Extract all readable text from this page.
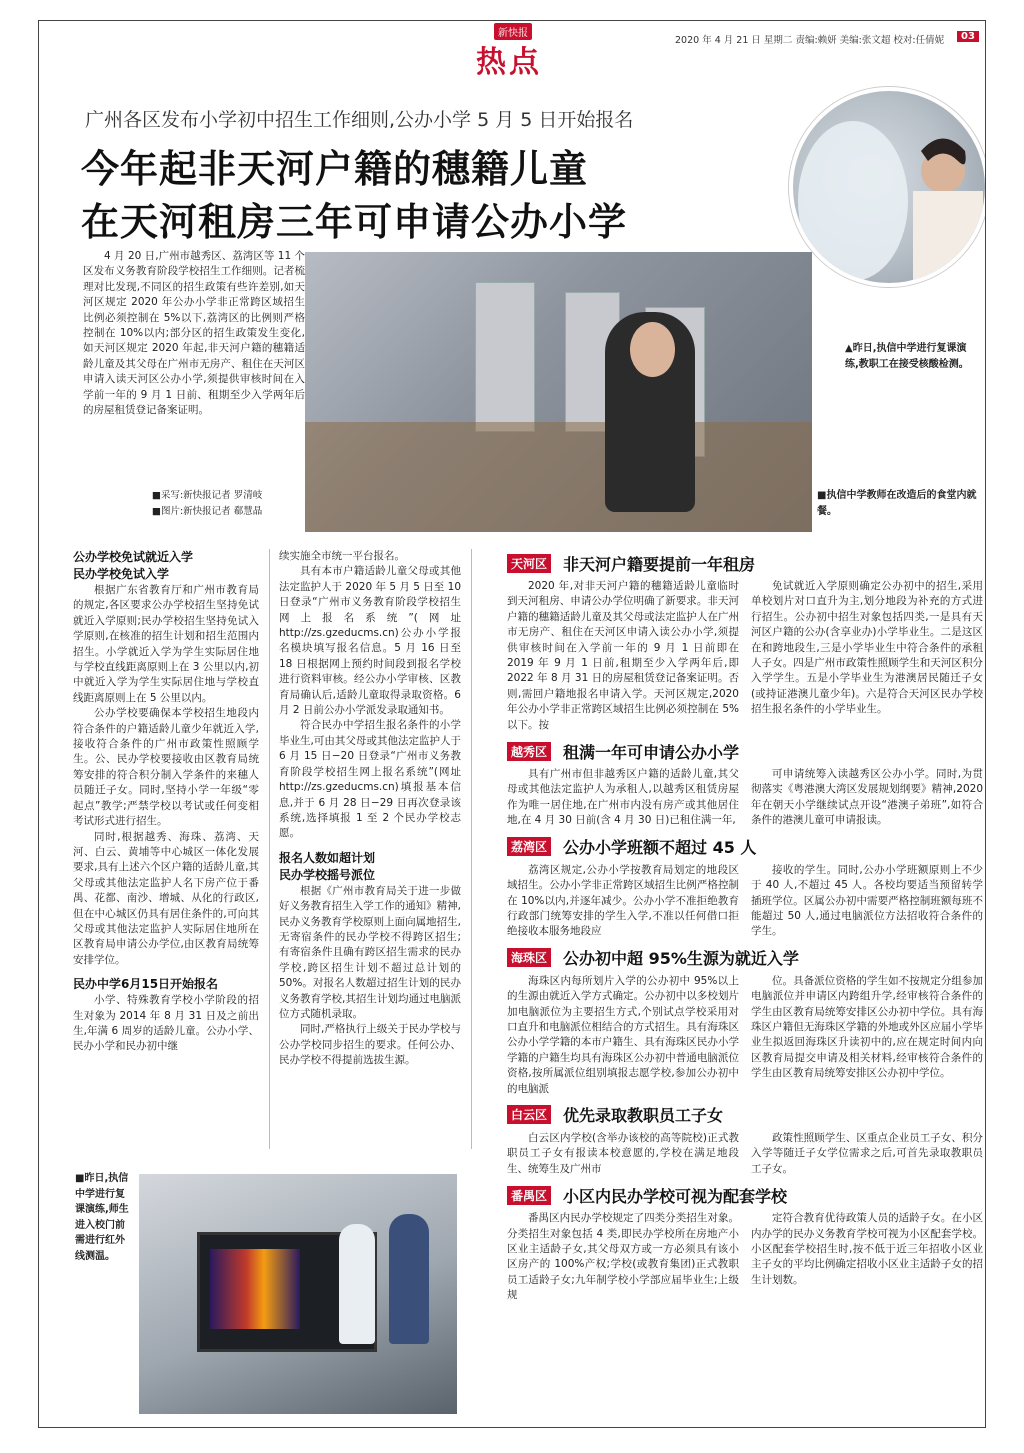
新快报
热点
2020 年 4 月 21 日 星期二 责编:赖妍 美编:张文超 校对:任倩妮	03
广州各区发布小学初中招生工作细则,公办小学 5 月 5 日开始报名
今年起非天河户籍的穗籍儿童
在天河租房三年可申请公办小学
▲昨日,执信中学进行复课演练,教职工在接受核酸检测。

4 月 20 日,广州市越秀区、荔湾区等 11 个区发布义务教育阶段学校招生工作细则。记者梳理对比发现,不同区的招生政策有些许差别,如天河区规定 2020 年公办小学非正常跨区域招生比例必须控制在 5%以下,荔湾区的比例则严格控制在 10%以内;部分区的招生政策发生变化,如天河区规定 2020 年起,非天河户籍的穗籍适龄儿童及其父母在广州市无房产、租住在天河区申请入读天河区公办小学,须提供审核时间在入学前一年的 9 月 1 日前、租期至少入学两年后的房屋租赁登记备案证明。

■采写:新快报记者 罗清岐
■图片:新快报记者 郗慧晶
■执信中学教师在改造后的食堂内就餐。
公办学校免试就近入学
民办学校免试入学

根据广东省教育厅和广州市教育局的规定,各区要求公办学校招生坚持免试就近入学原则;民办学校招生坚持免试入学原则,在核准的招生计划和招生范围内招生。小学就近入学为学生实际居住地与学校直线距离原则上在 3 公里以内,初中就近入学为学生实际居住地与学校直线距离原则上在 5 公里以内。

公办学校要确保本学校招生地段内符合条件的户籍适龄儿童少年就近入学,接收符合条件的广州市政策性照顾学生。公、民办学校要接收由区教育局统筹安排的符合积分制入学条件的来穗人员随迁子女。同时,坚持小学一年级“零起点”教学;严禁学校以考试或任何变相考试形式进行招生。

同时,根据越秀、海珠、荔湾、天河、白云、黄埔等中心城区一体化发展要求,具有上述六个区户籍的适龄儿童,其父母或其他法定监护人名下房产位于番禺、花都、南沙、增城、从化的行政区,但在中心城区仍具有居住条件的,可向其父母或其他法定监护人实际居住地所在区教育局申请公办学位,由区教育局统筹安排学位。

民办中学6月15日开始报名

小学、特殊教育学校小学阶段的招生对象为 2014 年 8 月 31 日及之前出生,年满 6 周岁的适龄儿童。公办小学、民办小学和民办初中继

续实施全市统一平台报名。

具有本市户籍适龄儿童父母或其他法定监护人于 2020 年 5 月 5 日至 10 日登录“广州市义务教育阶段学校招生网上报名系统”(网址 http://zs.gzeducms.cn)公办小学报名模块填写报名信息。5 月 16 日至 18 日根据网上预约时间段到报名学校进行资料审核。经公办小学审核、区教育局确认后,适龄儿童取得录取资格。6 月 2 日前公办小学派发录取通知书。

符合民办中学招生报名条件的小学毕业生,可由其父母或其他法定监护人于 6 月 15 日−20 日登录“广州市义务教育阶段学校招生网上报名系统”(网址 http://zs.gzeducms.cn)填报基本信息,并于 6 月 28 日−29 日再次登录该系统,选择填报 1 至 2 个民办学校志愿。

报名人数如超计划
民办学校摇号派位

根据《广州市教育局关于进一步做好义务教育招生入学工作的通知》精神,民办义务教育学校原则上面向属地招生,无寄宿条件的民办学校不得跨区招生;有寄宿条件且确有跨区招生需求的民办学校,跨区招生计划不超过总计划的 50%。对报名人数超过招生计划的民办义务教育学校,其招生计划均通过电脑派位方式随机录取。

同时,严格执行上级关于民办学校与公办学校同步招生的要求。任何公办、民办学校不得提前选拔生源。

天河区 非天河户籍要提前一年租房

2020 年,对非天河户籍的穗籍适龄儿童临时到天河租房、申请公办学位明确了新要求。非天河户籍的穗籍适龄儿童及其父母或法定监护人在广州市无房产、租住在天河区申请入读公办小学,须提供审核时间在入学前一年的 9 月 1 日前即在 2019 年 9 月 1 日前,租期至少入学两年后,即 2022 年 8 月 31 日的房屋租赁登记备案证明。否则,需回户籍地报名申请入学。天河区规定,2020 年公办小学非正常跨区域招生比例必须控制在 5%以下。按

免试就近入学原则确定公办初中的招生,采用单校划片对口直升为主,划分地段为补充的方式进行招生。公办初中招生对象包括四类,一是具有天河区户籍的公办(含享业办)小学毕业生。二是这区在和跨地段生,三是小学毕业生中符合条件的承租人子女。四是广州市政策性照顾学生和天河区积分入学学生。五是小学毕业生为港澳居民随迁子女(或持证港澳儿童少年)。六是符合天河区民办学校招生报名条件的小学毕业生。

越秀区 租满一年可申请公办小学

具有广州市但非越秀区户籍的适龄儿童,其父母或其他法定监护人为承租人,以越秀区租赁房屋作为唯一居住地,在广州市内没有房产或其他居住地,在 4 月 30 日前(含 4 月 30 日)已租住满一年,

可申请统筹入读越秀区公办小学。同时,为贯彻落实《粤港澳大湾区发展规划纲要》精神,2020 年在朝天小学继续试点开设“港澳子弟班”,如符合条件的港澳儿童可申请报读。

荔湾区 公办小学班额不超过 45 人

荔湾区规定,公办小学按教育局划定的地段区域招生。公办小学非正常跨区域招生比例严格控制在 10%以内,并逐年减少。公办小学不准拒绝教育行政部门统筹安排的学生入学,不准以任何借口拒绝接收本服务地段应

接收的学生。同时,公办小学班额原则上不少于 40 人,不超过 45 人。各校均要适当预留转学插班学位。区属公办初中需要严格控制班额每班不能超过 50 人,通过电脑派位方法招收符合条件的学生。

海珠区 公办初中超 95%生源为就近入学

海珠区内每所划片入学的公办初中 95%以上的生源由就近入学方式确定。公办初中以多校划片加电脑派位为主要招生方式,个别试点学校采用对口直升和电脑派位相结合的方式招生。具有海珠区公办小学学籍的本市户籍生、具有海珠区民办小学学籍的户籍生均具有海珠区公办初中普通电脑派位资格,按所属派位组别填报志愿学校,参加公办初中的电脑派

位。具备派位资格的学生如不按规定分组参加电脑派位并申请区内跨组升学,经审核符合条件的学生由区教育局统筹安排区公办初中学位。具有海珠区户籍但无海珠区学籍的外地或外区应届小学毕业生拟返回海珠区升读初中的,应在规定时间内向区教育局提交申请及相关材料,经审核符合条件的学生由区教育局统筹安排区公办初中学位。

白云区 优先录取教职员工子女

白云区内学校(含举办该校的高等院校)正式教职员工子女有报读本校意愿的,学校在满足地段生、统筹生及广州市

政策性照顾学生、区重点企业员工子女、积分入学等随迁子女学位需求之后,可首先录取教职员工子女。

番禺区 小区内民办学校可视为配套学校

番禺区内民办学校规定了四类分类招生对象。分类招生对象包括 4 类,即民办学校所在房地产小区业主适龄子女,其父母双方或一方必须具有该小区房产的 100%产权;学校(或教育集团)正式教职员工适龄子女;九年制学校小学部应届毕业生;上级规

定符合教育优待政策人员的适龄子女。在小区内办学的民办义务教育学校可视为小区配套学校。小区配套学校招生时,按不低于近三年招收小区业主子女的平均比例确定招收小区业主适龄子女的招生计划数。

■昨日,执信中学进行复课演练,师生进入校门前需进行红外线测温。
